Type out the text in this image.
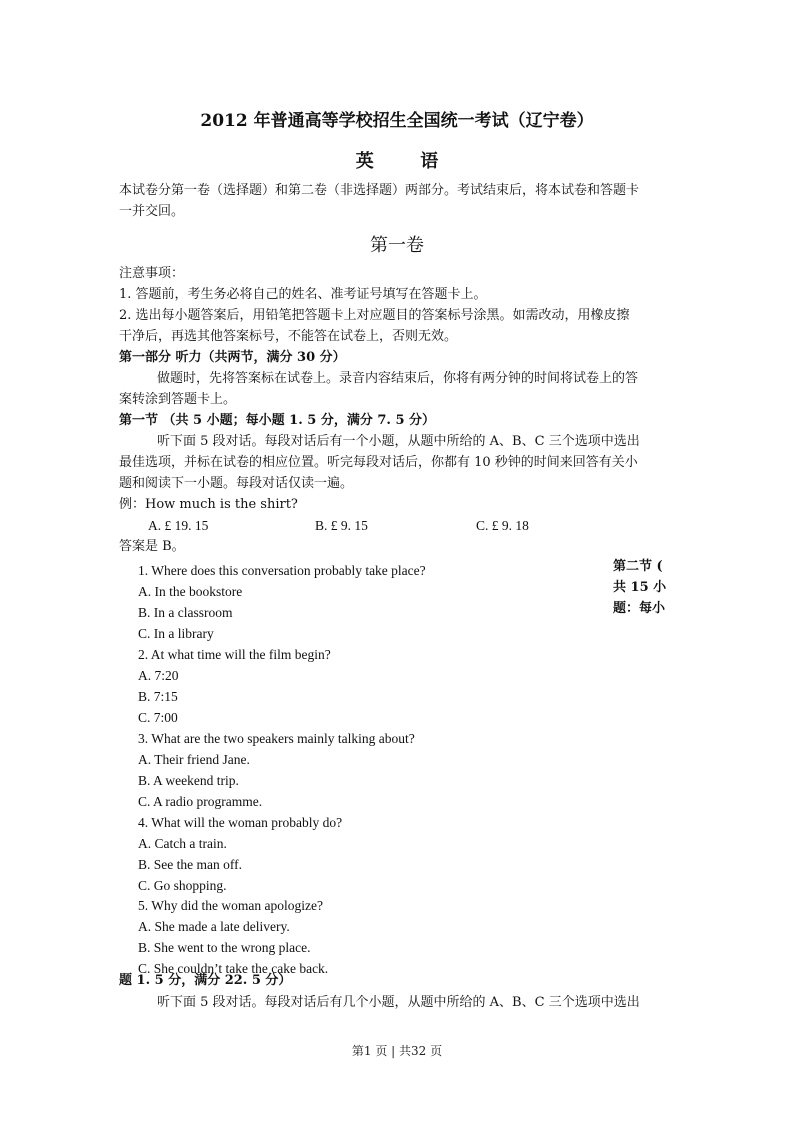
2012 年普通高等学校招生全国统一考试（辽宁卷）
英	语
本试卷分第一卷（选择题）和第二卷（非选择题）两部分。考试结束后，将本试卷和答题卡
一并交回。
第一卷
注意事项：
1. 答题前，考生务必将自己的姓名、准考证号填写在答题卡上。
2. 选出每小题答案后，用铅笔把答题卡上对应题目的答案标号涂黑。如需改动，用橡皮擦
干净后，再选其他答案标号，不能答在试卷上，否则无效。
第一部分 听力（共两节，满分 30 分）
做题时，先将答案标在试卷上。录音内容结束后，你将有两分钟的时间将试卷上的答
案转涂到答题卡上。
第一节 （共 5 小题；每小题 1. 5 分，满分 7. 5 分）
听下面 5 段对话。每段对话后有一个小题，从题中所给的 A、B、C 三个选项中选出
最佳选项，并标在试卷的相应位置。听完每段对话后，你都有 10 秒钟的时间来回答有关小
题和阅读下一小题。每段对话仅读一遍。
例：How much is the shirt?
A. £ 19. 15	B. £ 9. 15	C. £ 9. 18
答案是 B。
1. Where does this conversation probably take place?
A. In the bookstore
B. In a classroom
C. In a library
2. At what time will the film begin?
A. 7:20
B. 7:15
C. 7:00
3. What are the two speakers mainly talking about?
A. Their friend Jane.
B. A weekend trip.
C. A radio programme.
4. What will the woman probably do?
A. Catch a train.
B. See the man off.
C. Go shopping.
5. Why did the woman apologize?
A. She made a late delivery.
B. She went to the wrong place.
C. She couldn’t take the cake back.
第二节 (
共 15 小
题：每小
题 1. 5 分，满分 22. 5 分）
听下面 5 段对话。每段对话后有几个小题，从题中所给的 A、B、C 三个选项中选出
第1 页 | 共32 页
